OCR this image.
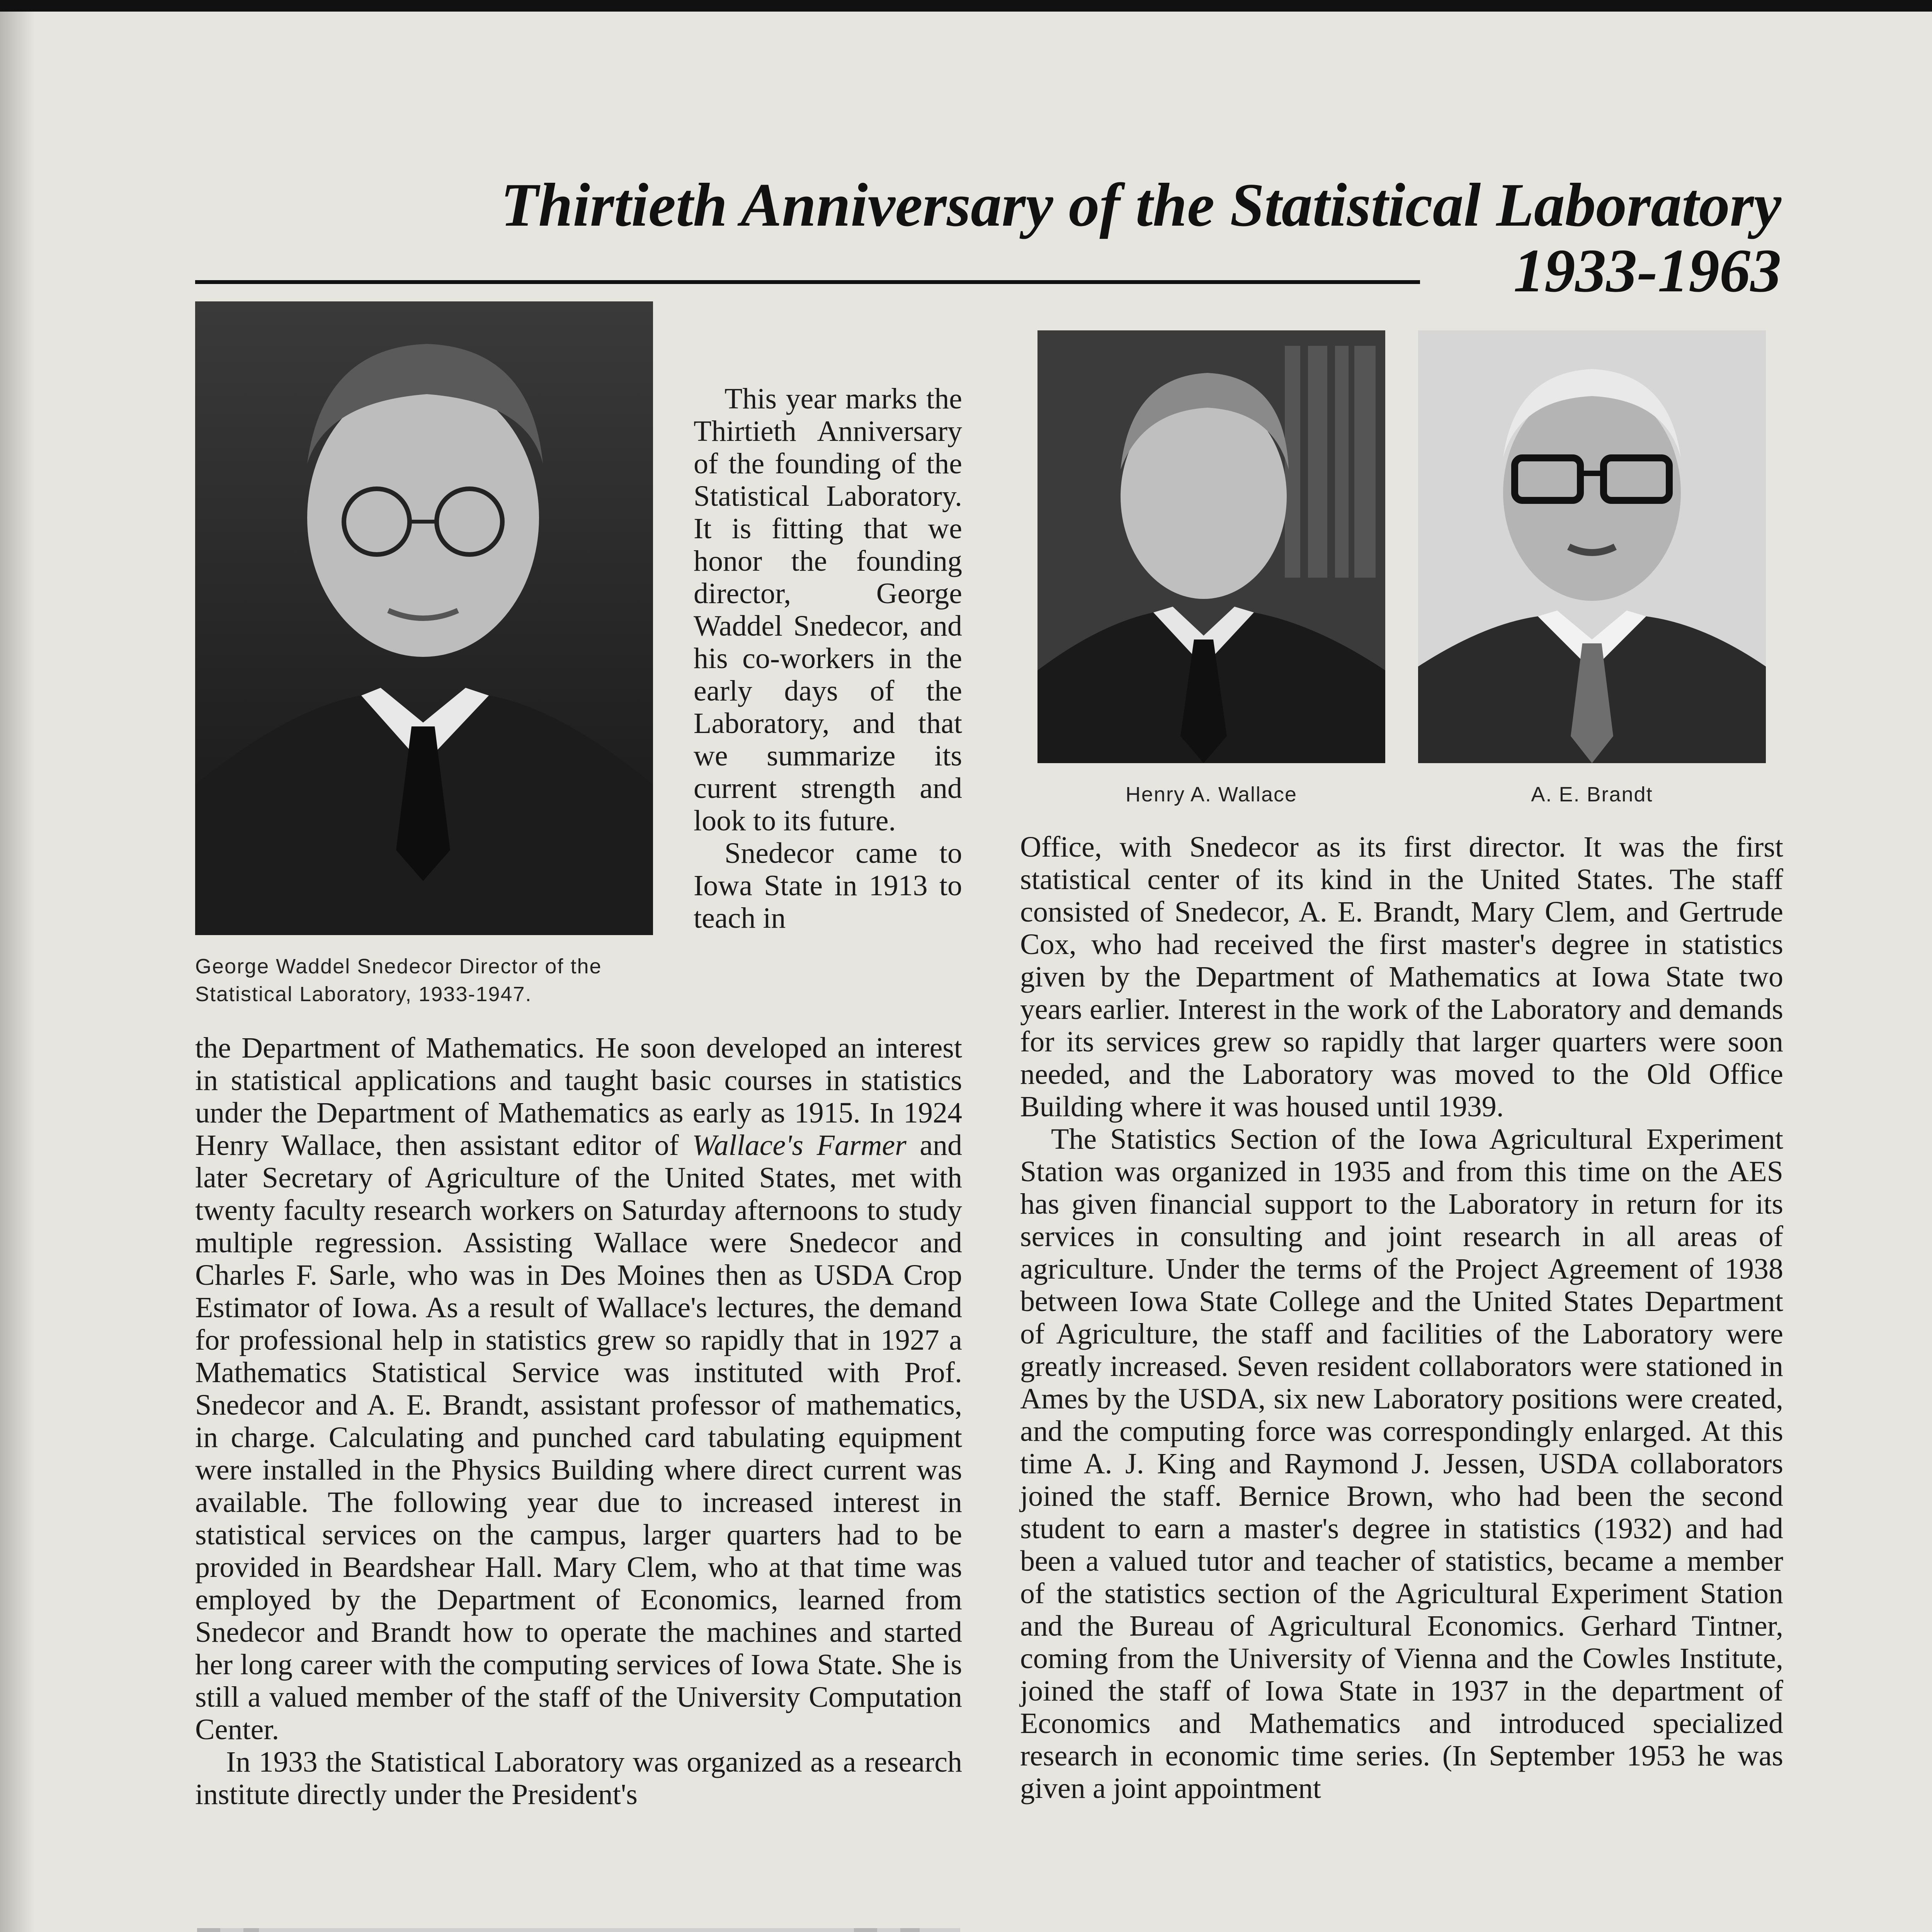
Thirtieth Anniversary of the Statistical Laboratory
1933-1963

George Waddel Snedecor Director of the Statistical Laboratory, 1933-1947.

This year marks the Thirtieth Anniversary of the founding of the Statistical Laboratory. It is fitting that we honor the founding director, George Waddel Snedecor, and his co-workers in the early days of the Laboratory, and that we summarize its current strength and look to its future.

Snedecor came to Iowa State in 1913 to teach in

the Department of Mathematics. He soon developed an interest in statistical applications and taught basic courses in statistics under the Department of Mathematics as early as 1915. In 1924 Henry Wallace, then assistant editor of Wallace's Farmer and later Secretary of Agriculture of the United States, met with twenty faculty research workers on Saturday afternoons to study multiple regression. Assisting Wallace were Snedecor and Charles F. Sarle, who was in Des Moines then as USDA Crop Estimator of Iowa. As a result of Wallace's lectures, the demand for professional help in statistics grew so rapidly that in 1927 a Mathematics Statistical Service was instituted with Prof. Snedecor and A. E. Brandt, assistant professor of mathematics, in charge. Calculating and punched card tabulating equipment were installed in the Physics Building where direct current was available. The following year due to increased interest in statistical services on the campus, larger quarters had to be provided in Beardshear Hall. Mary Clem, who at that time was employed by the Department of Economics, learned from Snedecor and Brandt how to operate the machines and started her long career with the computing services of Iowa State. She is still a valued member of the staff of the University Computation Center.

In 1933 the Statistical Laboratory was organized as a research institute directly under the President's

Henry A. Wallace	A. E. Brandt

Office, with Snedecor as its first director. It was the first statistical center of its kind in the United States. The staff consisted of Snedecor, A. E. Brandt, Mary Clem, and Gertrude Cox, who had received the first master's degree in statistics given by the Department of Mathematics at Iowa State two years earlier. Interest in the work of the Laboratory and demands for its services grew so rapidly that larger quarters were soon needed, and the Laboratory was moved to the Old Office Building where it was housed until 1939.

The Statistics Section of the Iowa Agricultural Experiment Station was organized in 1935 and from this time on the AES has given financial support to the Laboratory in return for its services in consulting and joint research in all areas of agriculture. Under the terms of the Project Agreement of 1938 between Iowa State College and the United States Department of Agriculture, the staff and facilities of the Laboratory were greatly increased. Seven resident collaborators were stationed in Ames by the USDA, six new Laboratory positions were created, and the computing force was correspondingly enlarged. At this time A. J. King and Raymond J. Jessen, USDA collaborators joined the staff. Bernice Brown, who had been the second student to earn a master's degree in statistics (1932) and had been a valued tutor and teacher of statistics, became a member of the statistics section of the Agricultural Experiment Station and the Bureau of Agricultural Economics. Gerhard Tintner, coming from the University of Vienna and the Cowles Institute, joined the staff of Iowa State in 1937 in the department of Economics and Mathematics and introduced specialized research in economic time series. (In September 1953 he was given a joint appointment
